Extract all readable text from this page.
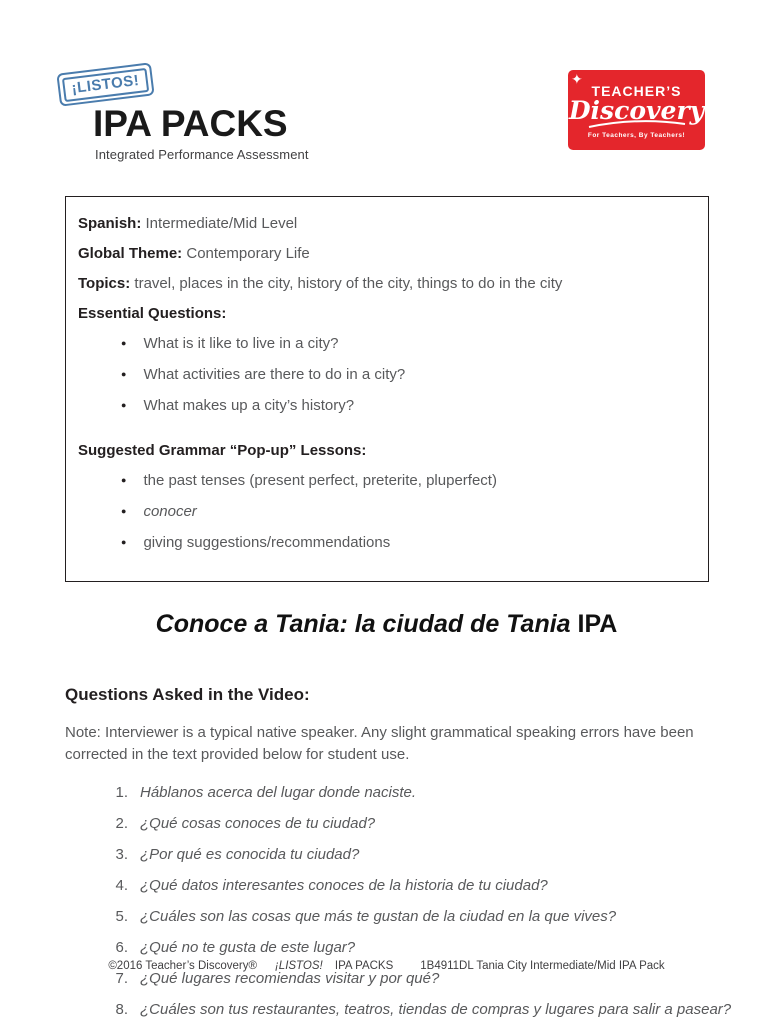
¡LISTOS!
IPA PACKS
Integrated Performance Assessment
✦
TEACHER’S
Discovery
For Teachers, By Teachers!

Spanish: Intermediate/Mid Level

Global Theme: Contemporary Life

Topics: travel, places in the city, history of the city, things to do in the city

Essential Questions:

● What is it like to live in a city?
● What activities are there to do in a city?
● What makes up a city’s history?

Suggested Grammar “Pop-up” Lessons:

● the past tenses (present perfect, preterite, pluperfect)
● conocer
● giving suggestions/recommendations
Conoce a Tania: la ciudad de Tania IPA
Questions Asked in the Video:

Note: Interviewer is a typical native speaker. Any slight grammatical speaking errors have been corrected in the text provided below for student use.

1. Háblanos acerca del lugar donde naciste.
2. ¿Qué cosas conoces de tu ciudad?
3. ¿Por qué es conocida tu ciudad?
4. ¿Qué datos interesantes conoces de la historia de tu ciudad?
5. ¿Cuáles son las cosas que más te gustan de la ciudad en la que vives?
6. ¿Qué no te gusta de este lugar?
7. ¿Qué lugares recomiendas visitar y por qué?
8. ¿Cuáles son tus restaurantes, teatros, tiendas de compras y lugares para salir a pasear?
©2016 Teacher’s Discovery® ¡LISTOS! IPA PACKS 1B4911DL Tania City Intermediate/Mid IPA Pack
